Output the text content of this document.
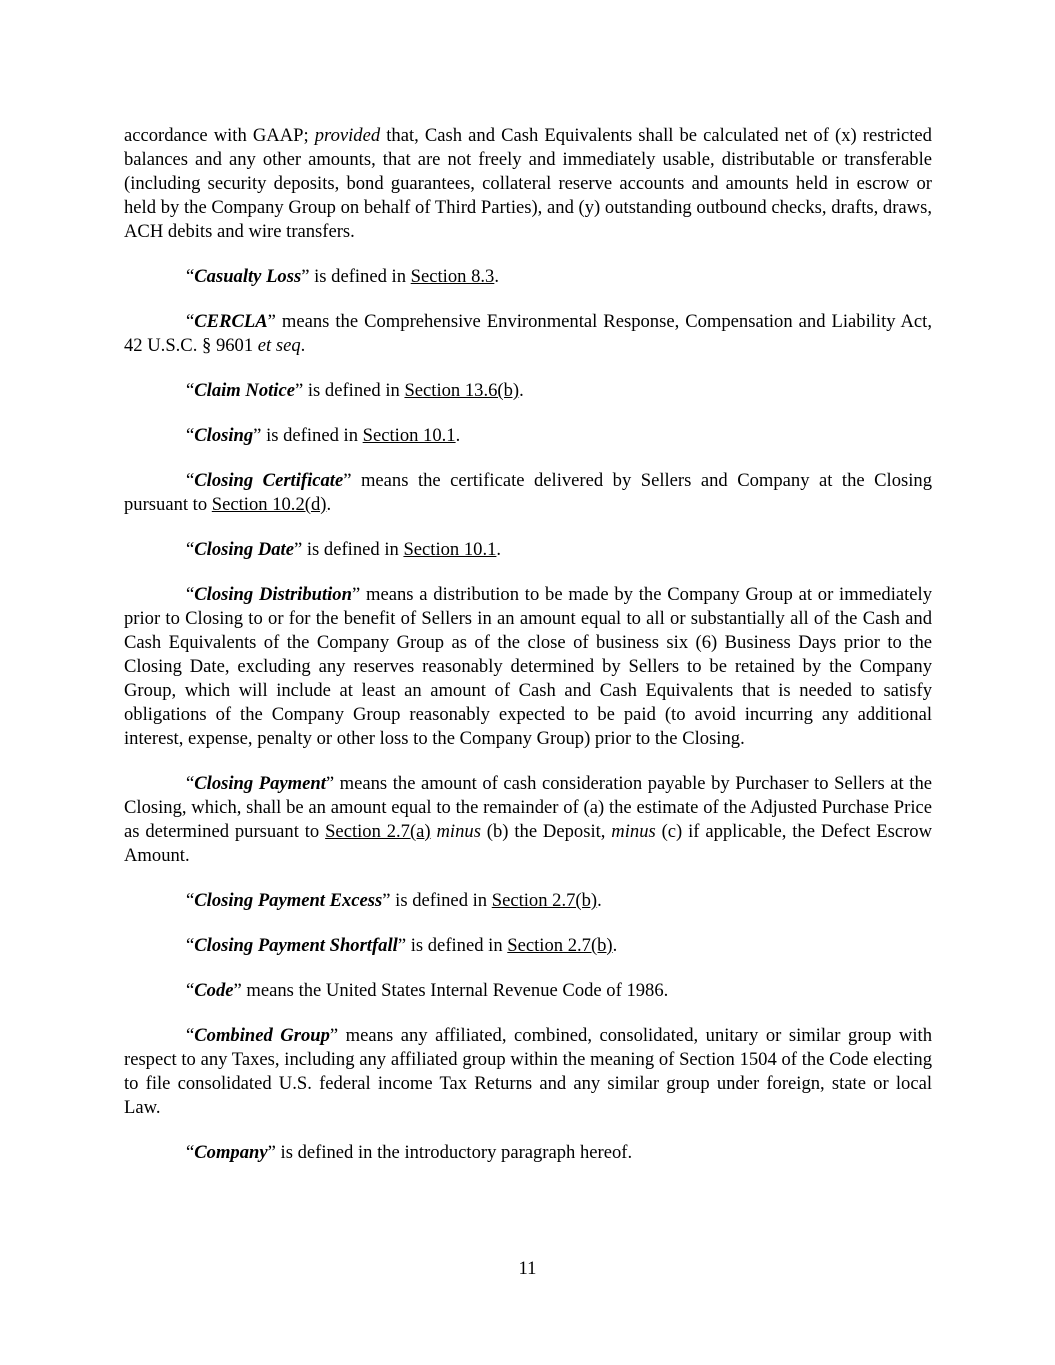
accordance with GAAP; provided that, Cash and Cash Equivalents shall be calculated net of (x) restricted balances and any other amounts, that are not freely and immediately usable, distributable or transferable (including security deposits, bond guarantees, collateral reserve accounts and amounts held in escrow or held by the Company Group on behalf of Third Parties), and (y) outstanding outbound checks, drafts, draws, ACH debits and wire transfers.

“Casualty Loss” is defined in Section 8.3.

“CERCLA” means the Comprehensive Environmental Response, Compensation and Liability Act, 42 U.S.C. § 9601 et seq.

“Claim Notice” is defined in Section 13.6(b).

“Closing” is defined in Section 10.1.

“Closing Certificate” means the certificate delivered by Sellers and Company at the Closing pursuant to Section 10.2(d).

“Closing Date” is defined in Section 10.1.

“Closing Distribution” means a distribution to be made by the Company Group at or immediately prior to Closing to or for the benefit of Sellers in an amount equal to all or substantially all of the Cash and Cash Equivalents of the Company Group as of the close of business six (6) Business Days prior to the Closing Date, excluding any reserves reasonably determined by Sellers to be retained by the Company Group, which will include at least an amount of Cash and Cash Equivalents that is needed to satisfy obligations of the Company Group reasonably expected to be paid (to avoid incurring any additional interest, expense, penalty or other loss to the Company Group) prior to the Closing.

“Closing Payment” means the amount of cash consideration payable by Purchaser to Sellers at the Closing, which, shall be an amount equal to the remainder of (a) the estimate of the Adjusted Purchase Price as determined pursuant to Section 2.7(a) minus (b) the Deposit, minus (c) if applicable, the Defect Escrow Amount.

“Closing Payment Excess” is defined in Section 2.7(b).

“Closing Payment Shortfall” is defined in Section 2.7(b).

“Code” means the United States Internal Revenue Code of 1986.

“Combined Group” means any affiliated, combined, consolidated, unitary or similar group with respect to any Taxes, including any affiliated group within the meaning of Section 1504 of the Code electing to file consolidated U.S. federal income Tax Returns and any similar group under foreign, state or local Law.

“Company” is defined in the introductory paragraph hereof.

11
